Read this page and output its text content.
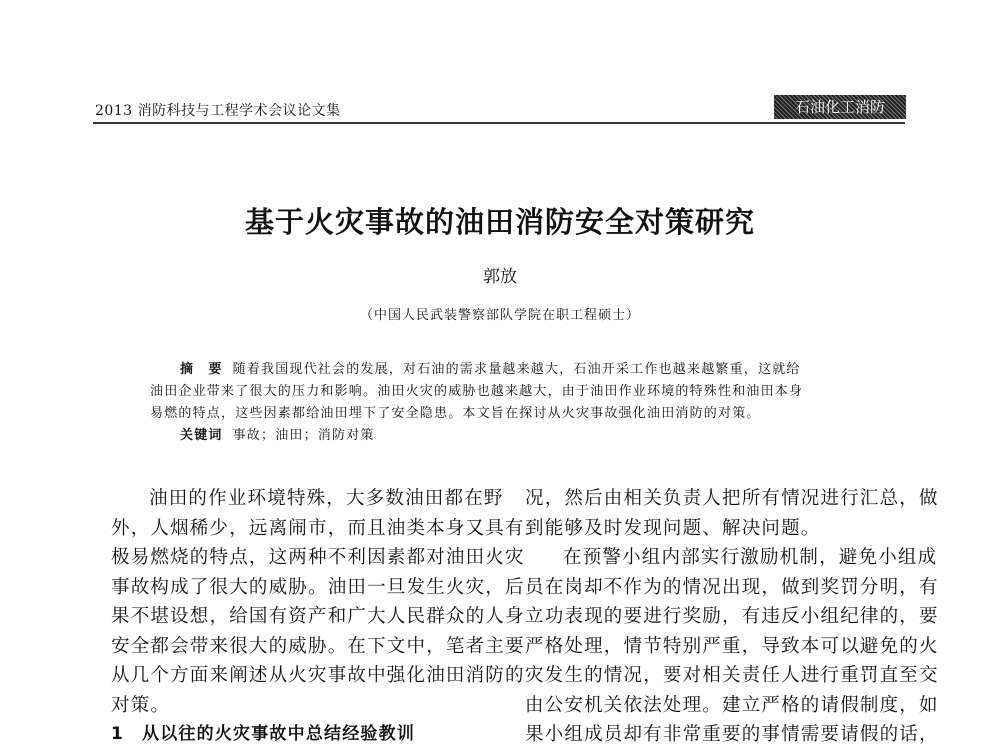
2013 消防科技与工程学术会议论文集	石油化工消防
基于火灾事故的油田消防安全对策研究
郭放
（中国人民武装警察部队学院在职工程硕士）
摘　要 随着我国现代社会的发展，对石油的需求量越来越大，石油开采工作也越来越繁重，这就给
油田企业带来了很大的压力和影响。油田火灾的威胁也越来越大，由于油田作业环境的特殊性和油田本身
易燃的特点，这些因素都给油田埋下了安全隐患。本文旨在探讨从火灾事故强化油田消防的对策。
关键词 事故；油田；消防对策
油田的作业环境特殊，大多数油田都在野
外，人烟稀少，远离闹市，而且油类本身又具有
极易燃烧的特点，这两种不利因素都对油田火灾
事故构成了很大的威胁。油田一旦发生火灾，后
果不堪设想，给国有资产和广大人民群众的人身
安全都会带来很大的威胁。在下文中，笔者主要
从几个方面来阐述从火灾事故中强化油田消防的
对策。
1 从以往的火灾事故中总结经验教训
况，然后由相关负责人把所有情况进行汇总，做
到能够及时发现问题、解决问题。
在预警小组内部实行激励机制，避免小组成
员在岗却不作为的情况出现，做到奖罚分明，有
立功表现的要进行奖励，有违反小组纪律的，要
严格处理，情节特别严重，导致本可以避免的火
灾发生的情况，要对相关责任人进行重罚直至交
由公安机关依法处理。建立严格的请假制度，如
果小组成员却有非常重要的事情需要请假的话，
